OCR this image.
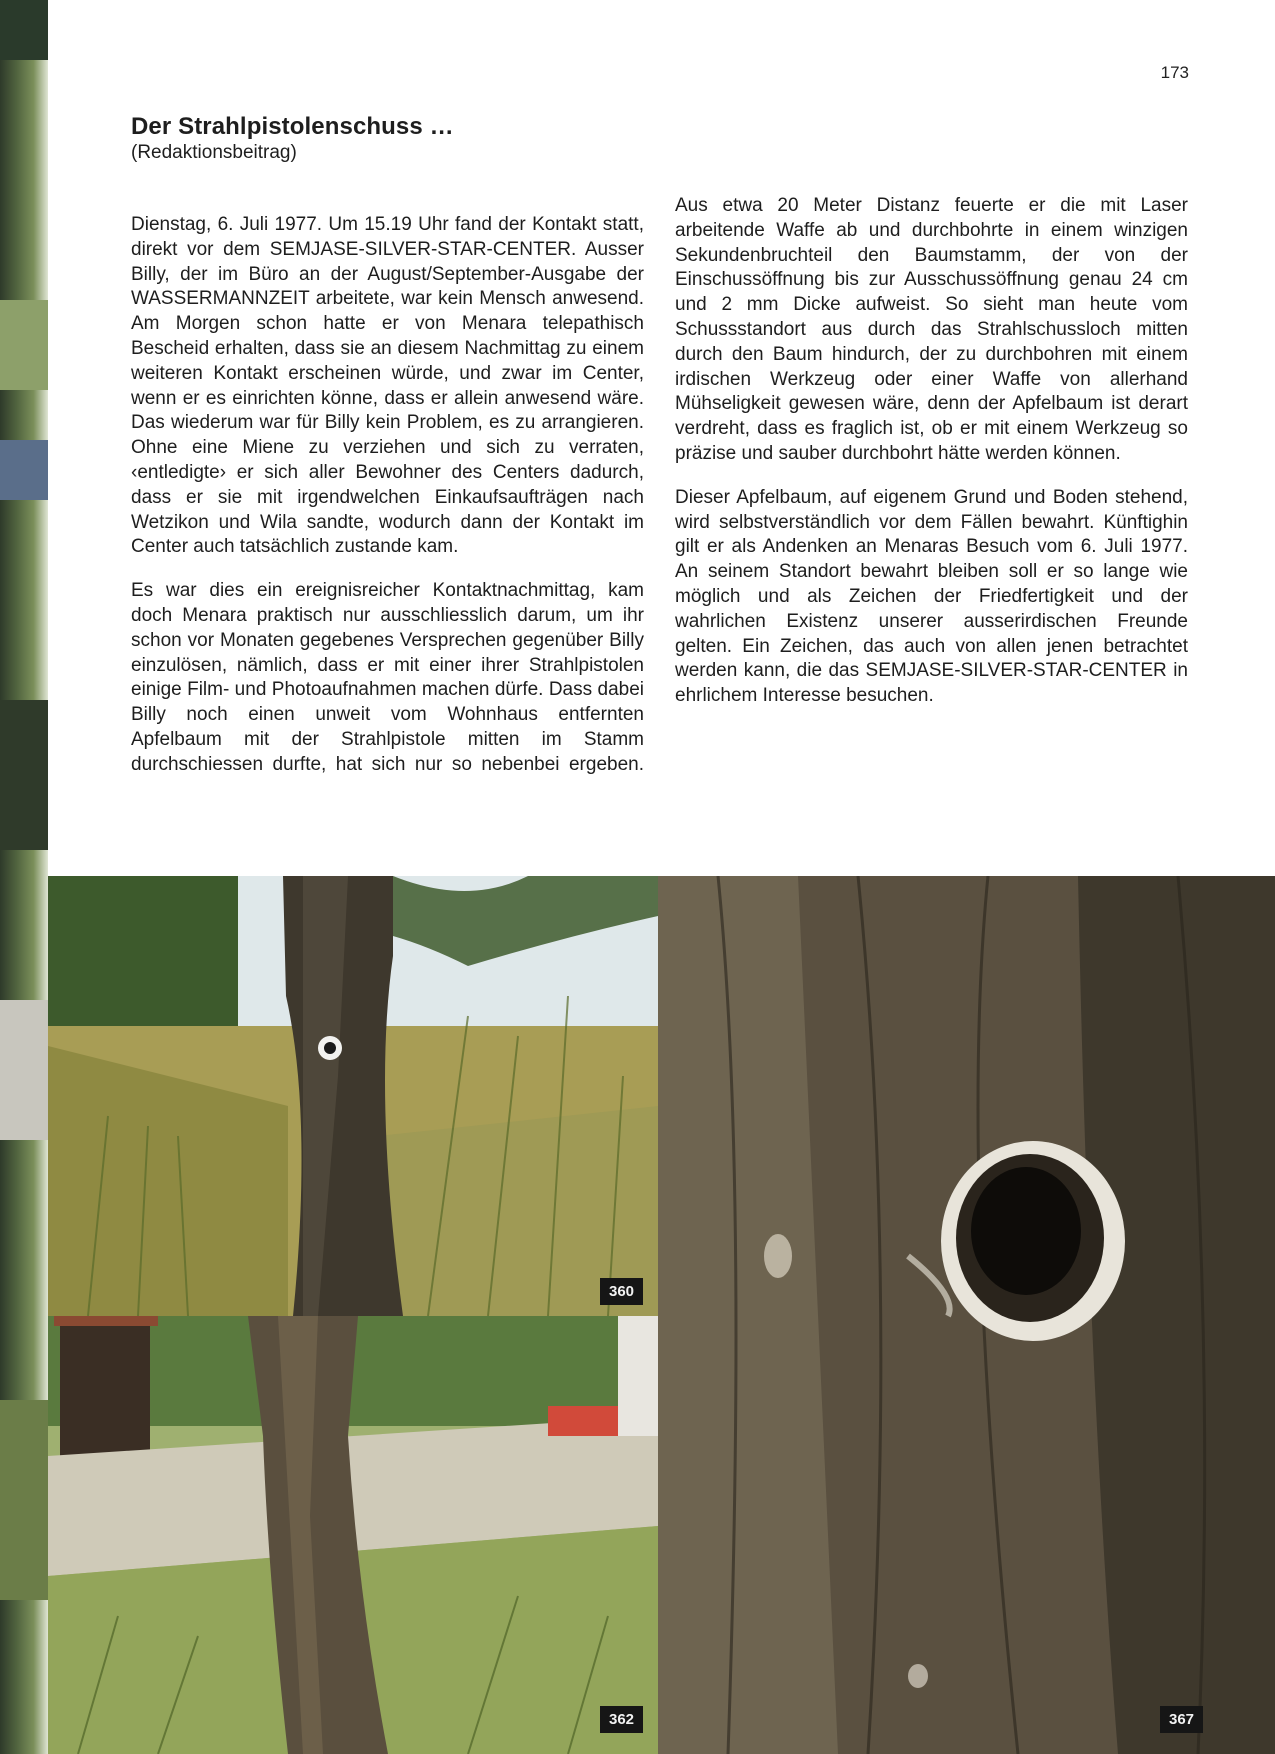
173
Der Strahlpistolenschuss …
(Redaktionsbeitrag)

Dienstag, 6. Juli 1977. Um 15.19 Uhr fand der Kontakt statt, direkt vor dem SEMJASE-SILVER-STAR-CENTER. Ausser Billy, der im Büro an der August/September-Ausgabe der WASSERMANNZEIT arbeitete, war kein Mensch anwesend. Am Morgen schon hatte er von Menara telepathisch Bescheid erhalten, dass sie an diesem Nachmittag zu einem weiteren Kontakt erscheinen würde, und zwar im Center, wenn er es einrichten könne, dass er allein anwesend wäre. Das wiederum war für Billy kein Problem, es zu arrangieren. Ohne eine Miene zu verziehen und sich zu verraten, ‹entledigte› er sich aller Bewohner des Centers dadurch, dass er sie mit irgendwelchen Einkaufsaufträgen nach Wetzikon und Wila sandte, wodurch dann der Kontakt im Center auch tatsächlich zustande kam.

Es war dies ein ereignisreicher Kontaktnachmittag, kam doch Menara praktisch nur ausschliesslich darum, um ihr schon vor Monaten gegebenes Versprechen gegenüber Billy einzulösen, nämlich, dass er mit einer ihrer Strahlpistolen einige Film- und Photoaufnahmen machen dürfe. Dass dabei Billy noch einen unweit vom Wohnhaus entfernten Apfelbaum mit der Strahlpistole mitten im Stamm durchschiessen durfte, hat sich nur so nebenbei ergeben. Aus etwa 20 Meter Distanz feuerte er die mit Laser arbeitende Waffe ab und durchbohrte in einem winzigen Sekundenbruchteil den Baumstamm, der von der Einschussöffnung bis zur Ausschussöffnung genau 24 cm und 2 mm Dicke aufweist. So sieht man heute vom Schussstandort aus durch das Strahlschussloch mitten durch den Baum hindurch, der zu durchbohren mit einem irdischen Werkzeug oder einer Waffe von allerhand Mühseligkeit gewesen wäre, denn der Apfelbaum ist derart verdreht, dass es fraglich ist, ob er mit einem Werkzeug so präzise und sauber durchbohrt hätte werden können.

Dieser Apfelbaum, auf eigenem Grund und Boden stehend, wird selbstverständlich vor dem Fällen bewahrt. Künftighin gilt er als Andenken an Menaras Besuch vom 6. Juli 1977. An seinem Standort bewahrt bleiben soll er so lange wie möglich und als Zeichen der Friedfertigkeit und der wahrlichen Existenz unserer ausserirdischen Freunde gelten. Ein Zeichen, das auch von allen jenen betrachtet werden kann, die das SEMJASE-SILVER-STAR-CENTER in ehrlichem Interesse besuchen.

360
362	367
